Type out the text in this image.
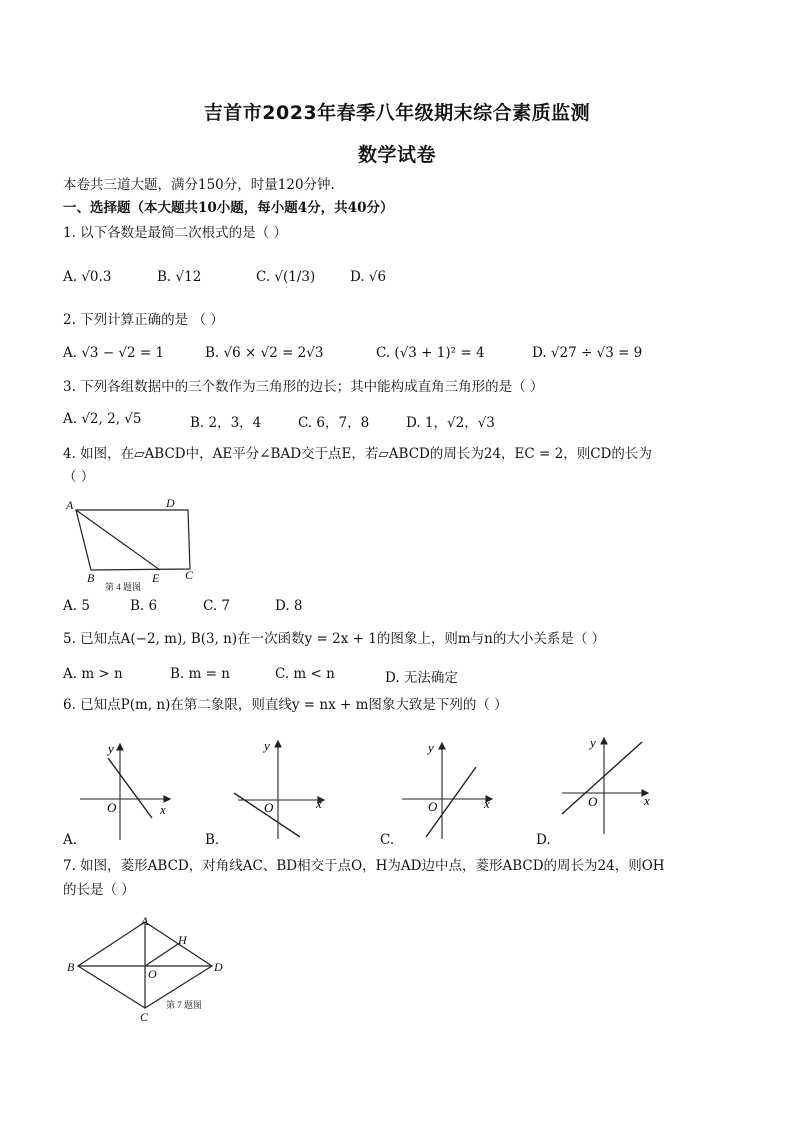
吉首市2023年春季八年级期末综合素质监测
数学试卷
本卷共三道大题，满分150分，时量120分钟.
一、选择题（本大题共10小题，每小题4分，共40分）
1. 以下各数是最简二次根式的是（ ）
A. √0.3	B. √12	C. √(1/3)	D. √6
2. 下列计算正确的是 （ ）
A. √3 − √2 = 1	B. √6 × √2 = 2√3	C. (√3 + 1)² = 4	D. √27 ÷ √3 = 9
3. 下列各组数据中的三个数作为三角形的边长；其中能构成直角三角形的是（ ）
A. √2, 2, √5	B. 2，3，4	C. 6，7，8	D. 1，√2，√3
4. 如图，在▱ABCD中，AE平分∠BAD交于点E，若▱ABCD的周长为24，EC = 2，则CD的长为
（ ）
A	D
B	E C
第 4 题图
A. 5	B. 6	C. 7	D. 8
5. 已知点A(−2, m), B(3, n)在一次函数y = 2x + 1的图象上，则m与n的大小关系是（ ）
A. m > n	B. m = n	C. m < n	D. 无法确定
6. 已知点P(m, n)在第二象限，则直线y = nx + m图象大致是下列的（ ）
y
x
O
A.
y
x
O
B.
y
x
O
C.
y
x
O
D.
7. 如图，菱形ABCD，对角线AC、BD相交于点O，H为AD边中点，菱形ABCD的周长为24，则OH
的长是（ ）
A
H
B	O	D
C
第 7 题图
